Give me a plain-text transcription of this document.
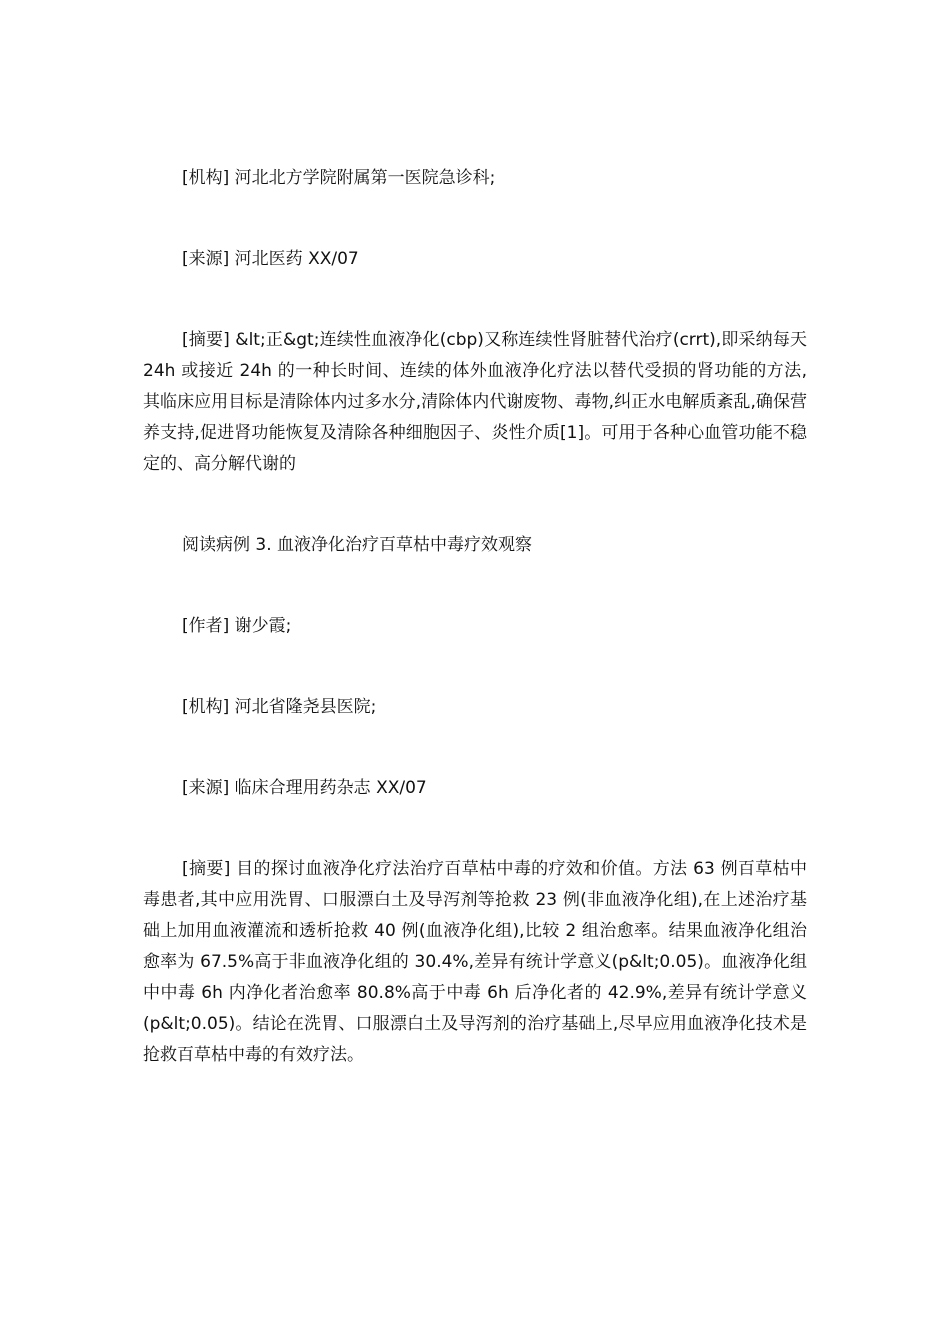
[机构] 河北北方学院附属第一医院急诊科;

[来源] 河北医药 XX/07

[摘要] &lt;正&gt;连续性血液净化(cbp)又称连续性肾脏替代治疗(crrt),即采纳每天 24h 或接近 24h 的一种长时间、连续的体外血液净化疗法以替代受损的肾功能的方法,其临床应用目标是清除体内过多水分,清除体内代谢废物、毒物,纠正水电解质紊乱,确保营养支持,促进肾功能恢复及清除各种细胞因子、炎性介质[1]。可用于各种心血管功能不稳定的、高分解代谢的

阅读病例 3. 血液净化治疗百草枯中毒疗效观察

[作者] 谢少霞;

[机构] 河北省隆尧县医院;

[来源] 临床合理用药杂志 XX/07

[摘要] 目的探讨血液净化疗法治疗百草枯中毒的疗效和价值。方法 63 例百草枯中毒患者,其中应用洗胃、口服漂白土及导泻剂等抢救 23 例(非血液净化组),在上述治疗基础上加用血液灌流和透析抢救 40 例(血液净化组),比较 2 组治愈率。结果血液净化组治愈率为 67.5%高于非血液净化组的 30.4%,差异有统计学意义(p&lt;0.05)。血液净化组中中毒 6h 内净化者治愈率 80.8%高于中毒 6h 后净化者的 42.9%,差异有统计学意义(p&lt;0.05)。结论在洗胃、口服漂白土及导泻剂的治疗基础上,尽早应用血液净化技术是抢救百草枯中毒的有效疗法。
